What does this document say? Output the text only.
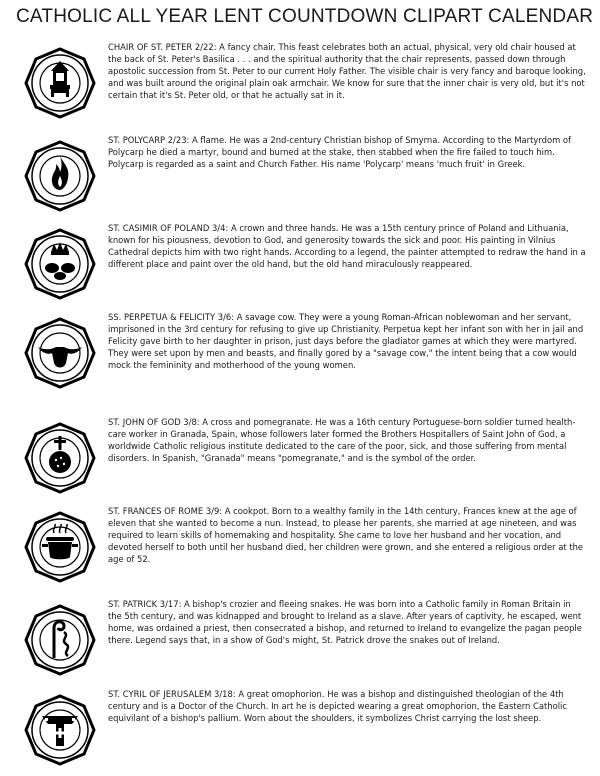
CATHOLIC ALL YEAR LENT COUNTDOWN CLIPART CALENDAR

CHAIR OF ST. PETER 2/22: A fancy chair. This feast celebrates both an actual, physical, very old chair housed at the back of St. Peter's Basilica . . . and the spiritual authority that the chair represents, passed down through apostolic succession from St. Peter to our current Holy Father. The visible chair is very fancy and baroque looking, and was built around the original plain oak armchair. We know for sure that the inner chair is very old, but it's not certain that it's St. Peter old, or that he actually sat in it.

ST. POLYCARP 2/23: A flame. He was a 2nd-century Christian bishop of Smyrna. According to the Martyrdom of Polycarp he died a martyr, bound and burned at the stake, then stabbed when the fire failed to touch him. Polycarp is regarded as a saint and Church Father. His name 'Polycarp' means 'much fruit' in Greek.

ST. CASIMIR OF POLAND 3/4: A crown and three hands. He was a 15th century prince of Poland and Lithuania, known for his piousness, devotion to God, and generosity towards the sick and poor. His painting in Vilnius Cathedral depicts him with two right hands. According to a legend, the painter attempted to redraw the hand in a different place and paint over the old hand, but the old hand miraculously reappeared.

SS. PERPETUA & FELICITY 3/6: A savage cow. They were a young Roman-African noblewoman and her servant, imprisoned in the 3rd century for refusing to give up Christianity. Perpetua kept her infant son with her in jail and Felicity gave birth to her daughter in prison, just days before the gladiator games at which they were martyred. They were set upon by men and beasts, and finally gored by a "savage cow," the intent being that a cow would mock the femininity and motherhood of the young women.

ST. JOHN OF GOD 3/8: A cross and pomegranate. He was a 16th century Portuguese-born soldier turned health-care worker in Granada, Spain, whose followers later formed the Brothers Hospitallers of Saint John of God, a worldwide Catholic religious institute dedicated to the care of the poor, sick, and those suffering from mental disorders. In Spanish, "Granada" means "pomegranate," and is the symbol of the order.

ST. FRANCES OF ROME 3/9: A cookpot. Born to a wealthy family in the 14th century, Frances knew at the age of eleven that she wanted to become a nun. Instead, to please her parents, she married at age nineteen, and was required to learn skills of homemaking and hospitality. She came to love her husband and her vocation, and devoted herself to both until her husband died, her children were grown, and she entered a religious order at the age of 52.

ST. PATRICK 3/17: A bishop's crozier and fleeing snakes. He was born into a Catholic family in Roman Britain in the 5th century, and was kidnapped and brought to Ireland as a slave. After years of captivity, he escaped, went home, was ordained a priest, then consecrated a bishop, and returned to Ireland to evangelize the pagan people there. Legend says that, in a show of God's might, St. Patrick drove the snakes out of Ireland.

ST. CYRIL OF JERUSALEM 3/18: A great omophorion. He was a bishop and distinguished theologian of the 4th century and is a Doctor of the Church. In art he is depicted wearing a great omophorion, the Eastern Catholic equivilant of a bishop's pallium. Worn about the shoulders, it symbolizes Christ carrying the lost sheep.
